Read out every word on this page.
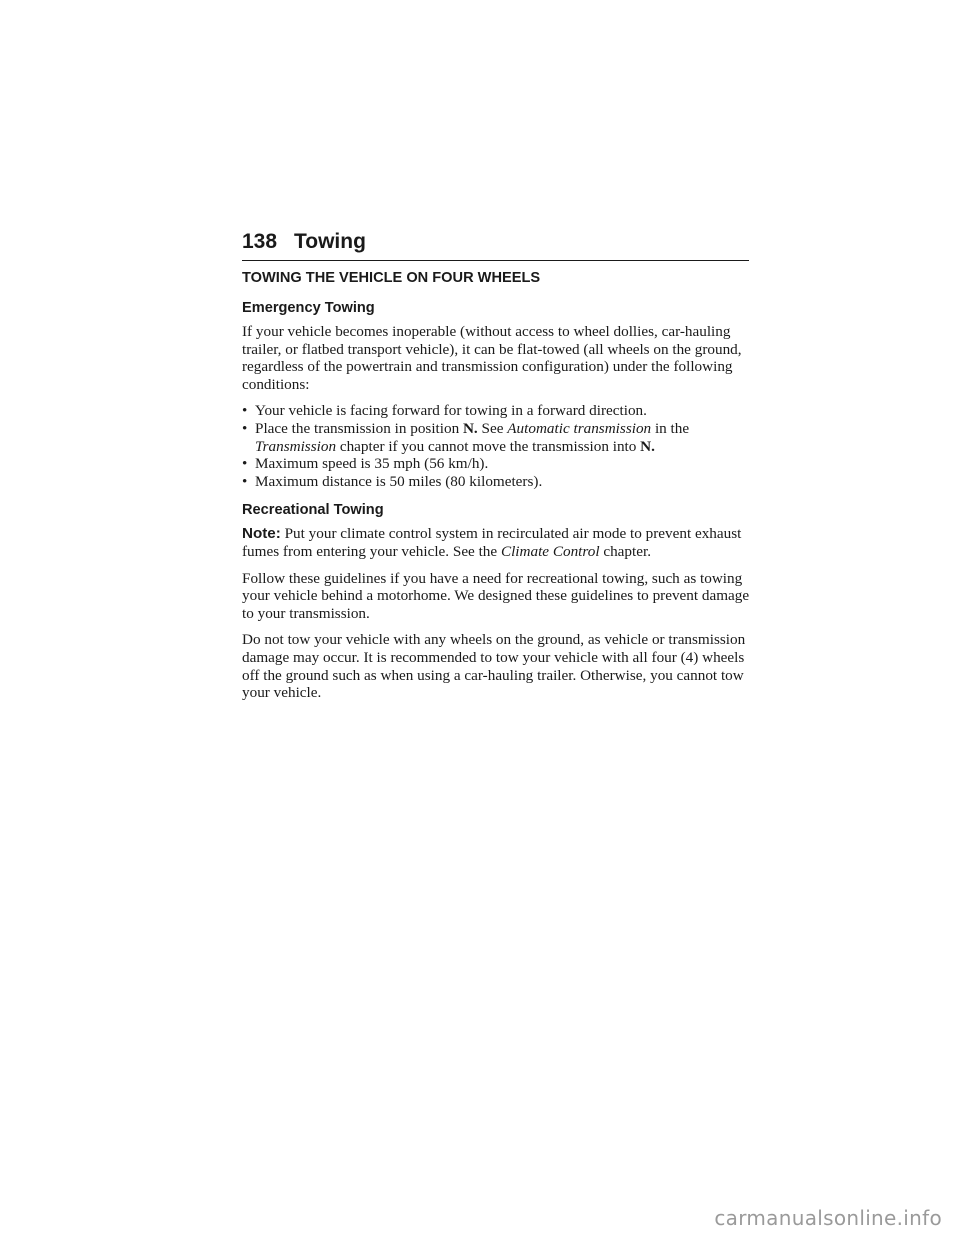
138 Towing
TOWING THE VEHICLE ON FOUR WHEELS
Emergency Towing

If your vehicle becomes inoperable (without access to wheel dollies, car-hauling trailer, or flatbed transport vehicle), it can be flat-towed (all wheels on the ground, regardless of the powertrain and transmission configuration) under the following conditions:

• Your vehicle is facing forward for towing in a forward direction.
• Place the transmission in position N. See Automatic transmission in the Transmission chapter if you cannot move the transmission into N.
• Maximum speed is 35 mph (56 km/h).
• Maximum distance is 50 miles (80 kilometers).
Recreational Towing

Note: Put your climate control system in recirculated air mode to prevent exhaust fumes from entering your vehicle. See the Climate Control chapter.

Follow these guidelines if you have a need for recreational towing, such as towing your vehicle behind a motorhome. We designed these guidelines to prevent damage to your transmission.

Do not tow your vehicle with any wheels on the ground, as vehicle or transmission damage may occur. It is recommended to tow your vehicle with all four (4) wheels off the ground such as when using a car-hauling trailer. Otherwise, you cannot tow your vehicle.

carmanualsonline.info
